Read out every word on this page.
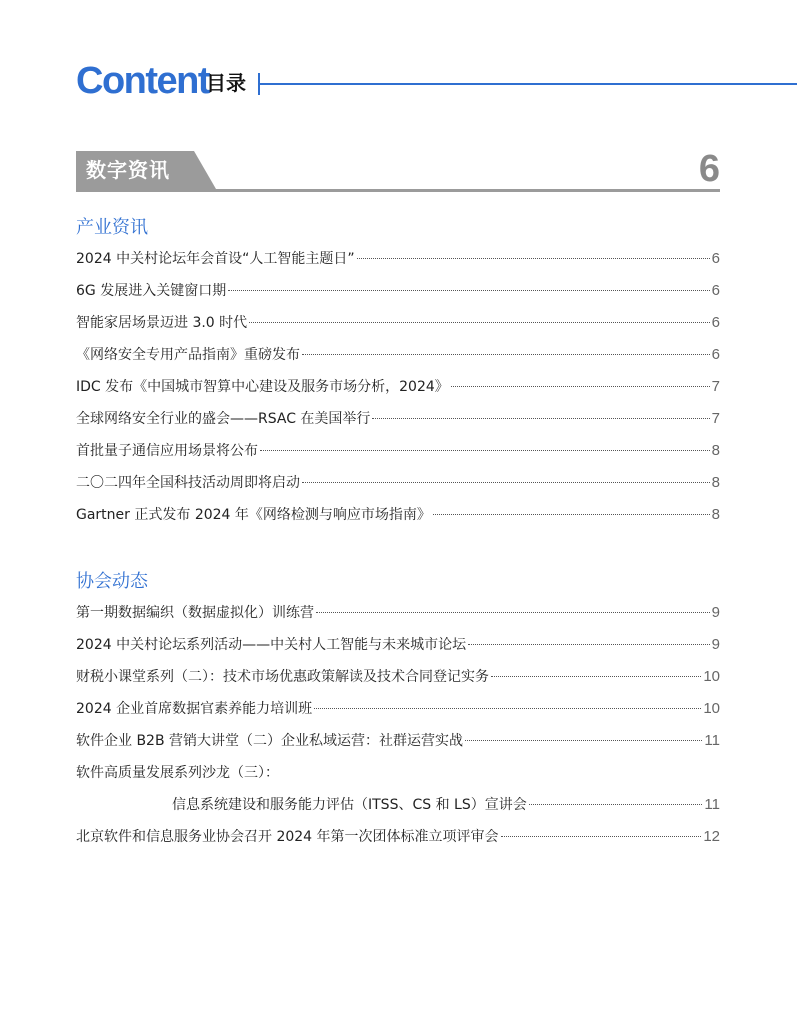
Content
目录
数字资讯	6
产业资讯
2024 中关村论坛年会首设“人工智能主题日”	6
6G 发展进入关键窗口期	6
智能家居场景迈进 3.0 时代	6
《网络安全专用产品指南》重磅发布	6
IDC 发布《中国城市智算中心建设及服务市场分析，2024》	7
全球网络安全行业的盛会——RSAC 在美国举行	7
首批量子通信应用场景将公布	8
二〇二四年全国科技活动周即将启动	8
Gartner 正式发布 2024 年《网络检测与响应市场指南》	8
协会动态
第一期数据编织（数据虚拟化）训练营	9
2024 中关村论坛系列活动——中关村人工智能与未来城市论坛	9
财税小课堂系列（二）：技术市场优惠政策解读及技术合同登记实务	10
2024 企业首席数据官素养能力培训班	10
软件企业 B2B 营销大讲堂（二）企业私域运营：社群运营实战	11
软件高质量发展系列沙龙（三）：
信息系统建设和服务能力评估（ITSS、CS 和 LS）宣讲会	11
北京软件和信息服务业协会召开 2024 年第一次团体标准立项评审会	12
